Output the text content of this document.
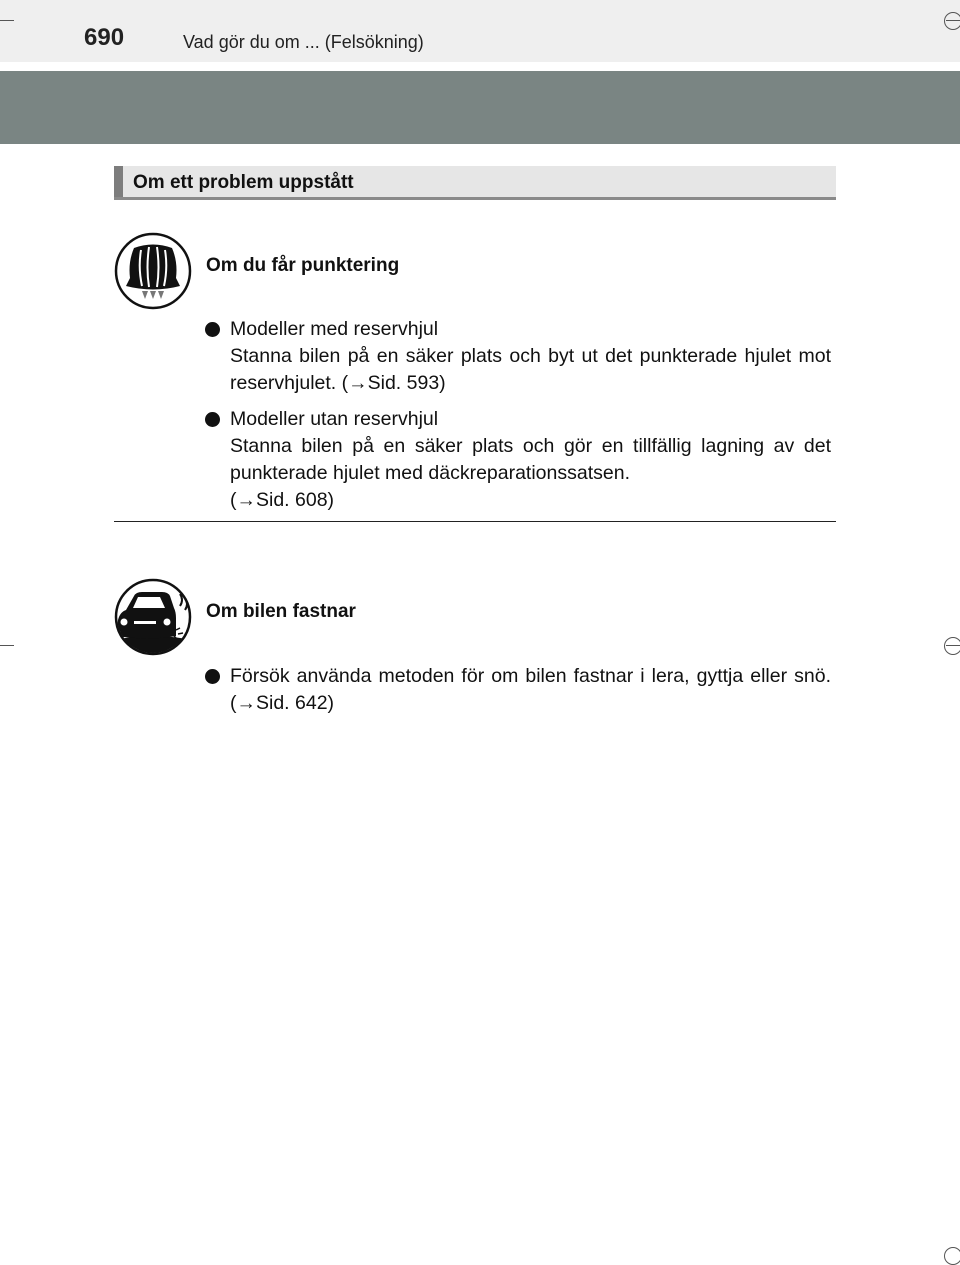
690	Vad gör du om ... (Felsökning)
Om ett problem uppstått
Om du får punktering
Modeller med reservhjul
Stanna bilen på en säker plats och byt ut det punkterade hjulet mot reservhjulet. (→Sid. 593)
Modeller utan reservhjul
Stanna bilen på en säker plats och gör en tillfällig lagning av det punkterade hjulet med däckreparationssatsen.
(→Sid. 608)
Om bilen fastnar
Försök använda metoden för om bilen fastnar i lera, gyttja eller snö. (→Sid. 642)
